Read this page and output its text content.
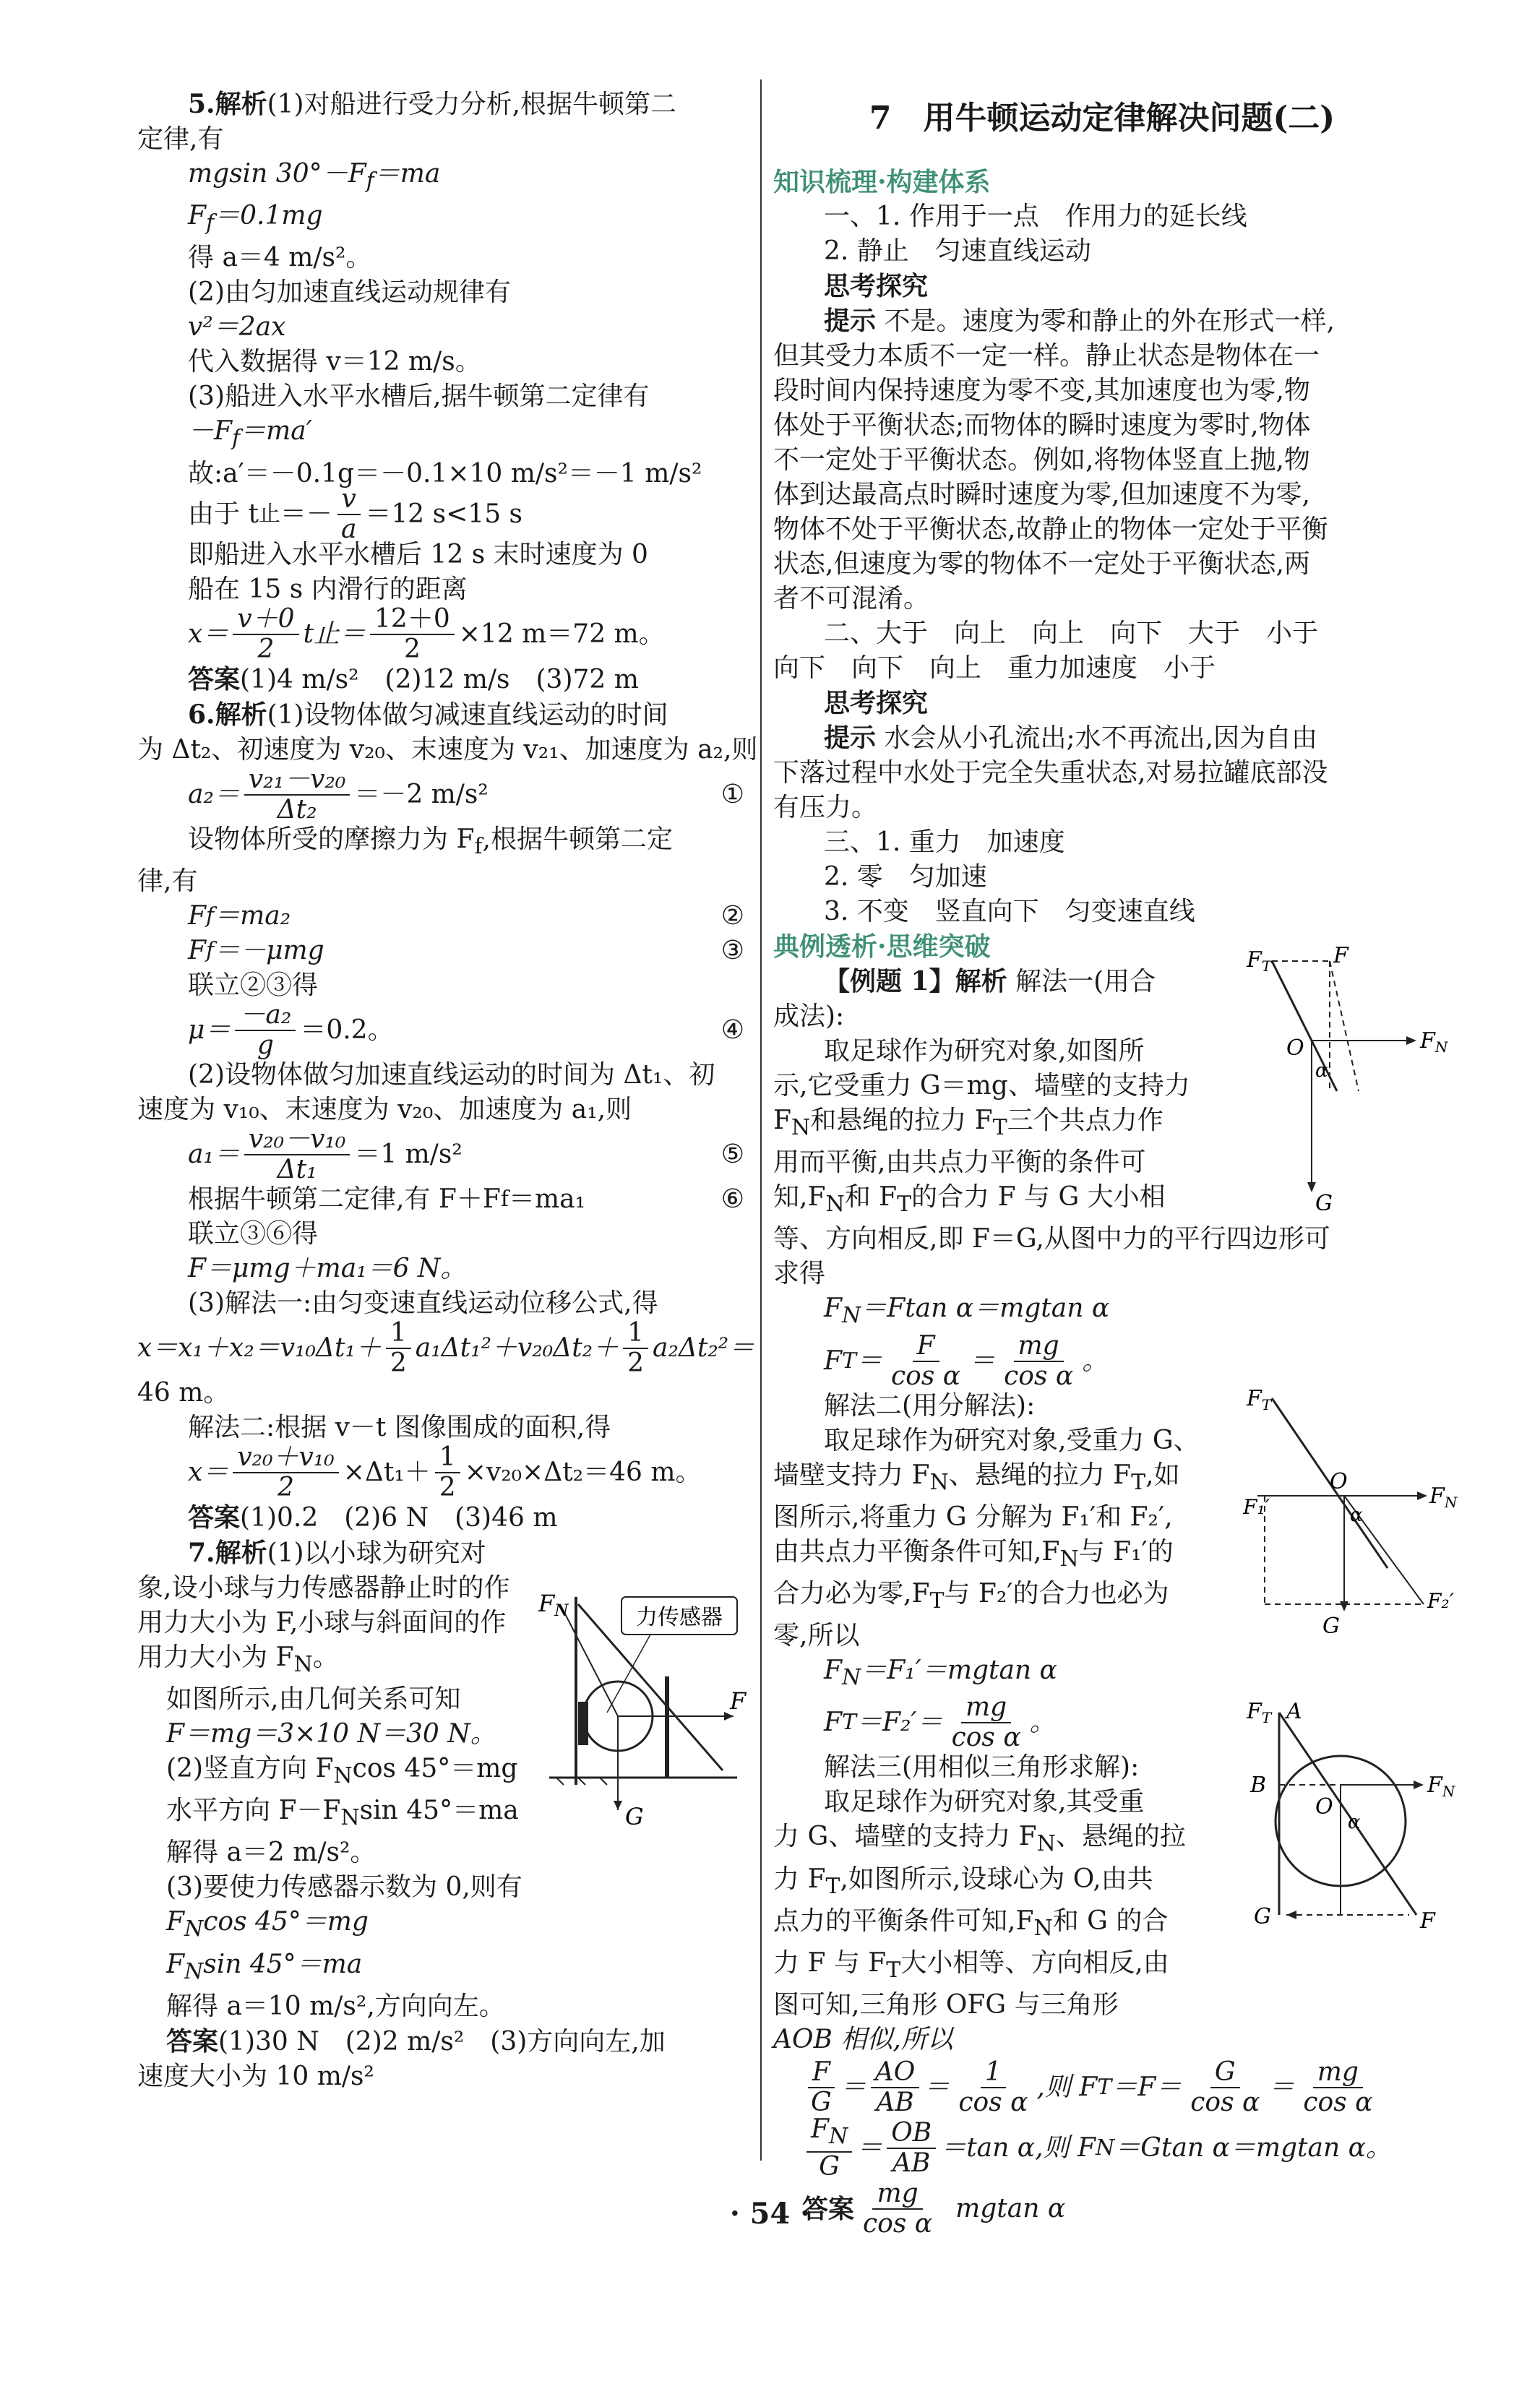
5.解析(1)对船进行受力分析,根据牛顿第二

定律,有

mgsin $30^\circ-F_f=ma$

$F_f=0.1mg$

得 a＝4 m/s²。

(2)由匀加速直线运动规律有

v²＝2ax

代入数据得 v＝12 m/s。

(3)船进入水平水槽后,据牛顿第二定律有

$-F_f=ma'$

故:a′＝－0.1g＝－0.1×10 m/s²＝－1 m/s²

由于 t 止 ＝－ $\frac{v}{a} =12$ s<15 s

即船进入水平水槽后 12 s 末时速度为 0

船在 15 s 内滑行的距离

$x= \frac{v+0}{2}$ t止＝ $\frac{12+0}{2} \times 12$ m＝72 m。

答案(1)4 m/s²　(2)12 m/s　(3)72 m

6.解析(1)设物体做匀减速直线运动的时间

为 Δt₂、初速度为 v₂₀、末速度为 v₂₁、加速度为 a₂,则

$a_2= \frac{\text{v₂₁－v₂₀}}{\text{Δt₂}} =-2$ m/s²	①

设物体所受的摩擦力为 $F_f$,根据牛顿第二定

律,有

F f ＝ma₂	②
F f ＝－μmg	③

联立②③得

$\mu= \frac{\text{－a₂}}{g} =0.2$。	④

(2)设物体做匀加速直线运动的时间为 Δt₁、初

速度为 v₁₀、末速度为 v₂₀、加速度为 a₁,则

$a_1= \frac{\text{v₂₀－v₁₀}}{\text{Δt₁}} =1$ m/s²	⑤
根据牛顿第二定律,有 F＋F f ＝ma₁	⑥

联立③⑥得

F＝μmg＋ma₁＝6 N。

(3)解法一:由匀变速直线运动位移公式,得

$x=x_1+x_2=v_{10}\Delta t_1+ \frac{1}{2} a_1\Delta t_1^2+v_{20}\Delta t_2+ \frac{1}{2} a_2\Delta t_2^2=$

46 m。

解法二:根据 v－t 图像围成的面积,得

$x= \frac{\text{v₂₀＋v₁₀}}{2} \times\Delta t_1+ \frac{1}{2} \times v_{20}\times\Delta t_2=46$ m。

答案(1)0.2　(2)6 N　(3)46 m

7.解析(1)以小球为研究对

象,设小球与力传感器静止时的作

用力大小为 F,小球与斜面间的作

用力大小为 $F_N$。

如图所示,由几何关系可知

F＝mg＝3×10 N＝30 N。

(2)竖直方向 $F_N\cos$ 45°＝mg

水平方向 $F-F_N\sin$ 45°＝ma

解得 a＝2 m/s²。

(3)要使力传感器示数为 0,则有

$F_N\cos$ 45°＝mg

$F_N\sin$ 45°＝ma

解得 a＝10 m/s²,方向向左。

答案(1)30 N　(2)2 m/s²　(3)方向向左,加

速度大小为 10 m/s²

力传感器
FN
F
G
7　用牛顿运动定律解决问题(二)

知识梳理·构建体系

一、1. 作用于一点　作用力的延长线

2. 静止　匀速直线运动

思考探究

提示 不是。速度为零和静止的外在形式一样,

但其受力本质不一定一样。静止状态是物体在一

段时间内保持速度为零不变,其加速度也为零,物

体处于平衡状态;而物体的瞬时速度为零时,物体

不一定处于平衡状态。例如,将物体竖直上抛,物

体到达最高点时瞬时速度为零,但加速度不为零,

物体不处于平衡状态,故静止的物体一定处于平衡

状态,但速度为零的物体不一定处于平衡状态,两

者不可混淆。

二、大于　向上　向上　向下　大于　小于

向下　向下　向上　重力加速度　小于

思考探究

提示 水会从小孔流出;水不再流出,因为自由

下落过程中水处于完全失重状态,对易拉罐底部没

有压力。

三、1. 重力　加速度

2. 零　匀加速

3. 不变　竖直向下　匀变速直线

典例透析·思维突破

【例题 1】解析 解法一(用合

成法):

取足球作为研究对象,如图所

示,它受重力 G＝mg、墙壁的支持力

$F_N$和悬绳的拉力 $F_T$三个共点力作

用而平衡,由共点力平衡的条件可

知$,F_N$和 $F_T$的合力 F 与 G 大小相

等、方向相反,即 F＝G,从图中力的平行四边形可

求得

$F_N=Ftan$ α＝mgtan α

F $T = \frac{F}{\text{cos α}} = \frac{mg}{\text{cos α}}$ 。

解法二(用分解法):

取足球作为研究对象,受重力 G、

墙壁支持力 $F_N$、悬绳的拉力 $F_T$,如

图所示,将重力 G 分解为 F₁′和 F₂′,

由共点力平衡条件可知$,F_N$与 F₁′的

合力必为零$,F_T$与 F₂′的合力也必为

零,所以

$F_N=F_1'=mgtan$ α

F $T =F_2'= \frac{mg}{\text{cos α}}$ 。

解法三(用相似三角形求解):

取足球作为研究对象,其受重

力 G、墙壁的支持力 $F_N$、悬绳的拉

力 $F_T$,如图所示,设球心为 O,由共

点力的平衡条件可知$,F_N$和 G 的合

力 F 与 $F_T$大小相等、方向相反,由

图可知,三角形 OFG 与三角形

AOB 相似,所以

$\frac{F}{G} = \frac{AO}{AB} = \frac{1}{\text{cos α}}$ ,则 F $T =F= \frac{G}{\text{cos α}} = \frac{mg}{\text{cos α}}$
$\frac{F_N}{G} = \frac{OB}{AB} =\tan$ α,则 F N ＝Gtan α＝mgtan α。
答案 $\frac{mg}{\text{cos α}}$ mgtan α
$F_T$	F
$F_N$
O
α
G
$F_T$
O
$F_N$
F₁′	α
F₂′
G
$F_T$ A
B	$F_N$
O
α
G	F
· 54 ·
